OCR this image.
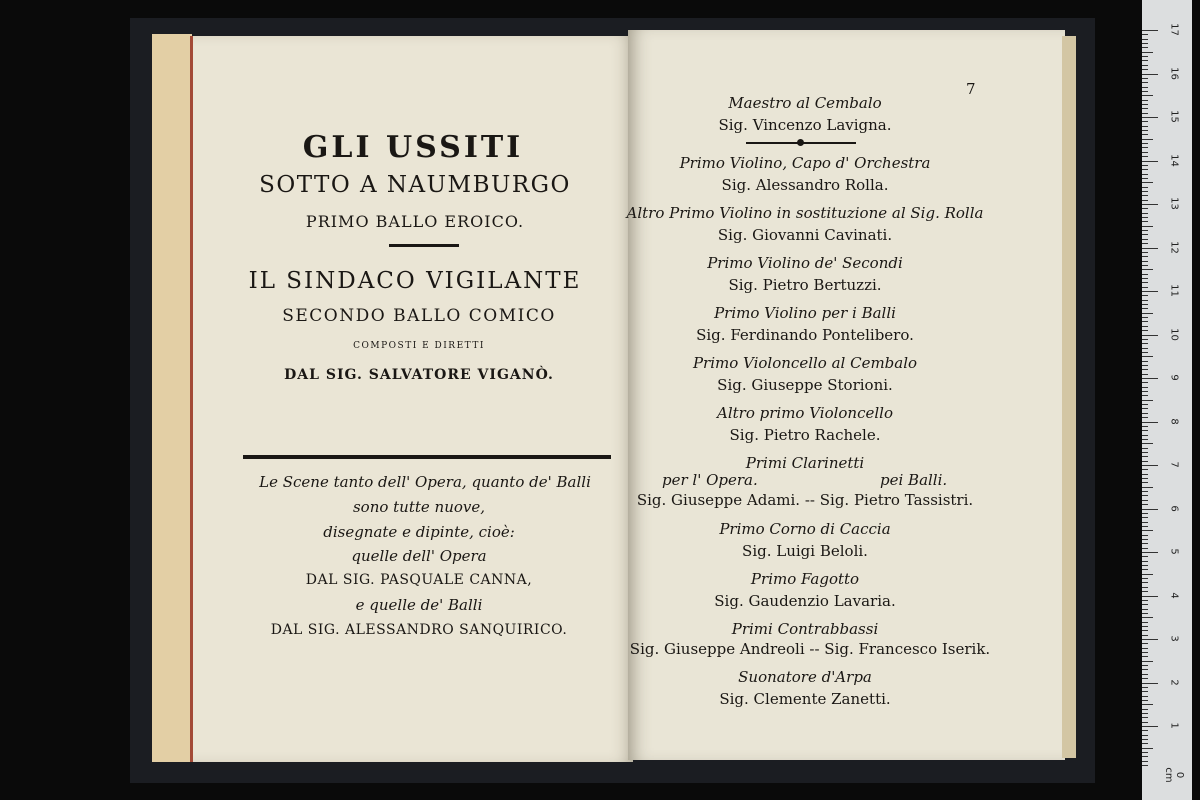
GLI USSITI
SOTTO A NAUMBURGO
PRIMO BALLO EROICO.
IL SINDACO VIGILANTE
SECONDO BALLO COMICO
COMPOSTI E DIRETTI
DAL SIG. SALVATORE VIGANÒ.
Le Scene tanto dell' Opera, quanto de' Balli
sono tutte nuove,
disegnate e dipinte, cioè:
quelle dell' Opera
DAL SIG. PASQUALE CANNA,
e quelle de' Balli
DAL SIG. ALESSANDRO SANQUIRICO.
7
Maestro al Cembalo
Sig. Vincenzo Lavigna.
Primo Violino, Capo d' Orchestra
Sig. Alessandro Rolla.
Altro Primo Violino in sostituzione al Sig. Rolla
Sig. Giovanni Cavinati.
Primo Violino de' Secondi
Sig. Pietro Bertuzzi.
Primo Violino per i Balli
Sig. Ferdinando Pontelibero.
Primo Violoncello al Cembalo
Sig. Giuseppe Storioni.
Altro primo Violoncello
Sig. Pietro Rachele.
Primi Clarinetti
per l' Opera.	pei Balli.
Sig. Giuseppe Adami. -- Sig. Pietro Tassistri.
Primo Corno di Caccia
Sig. Luigi Beloli.
Primo Fagotto
Sig. Gaudenzio Lavaria.
Primi Contrabbassi
Sig. Giuseppe Andreoli -- Sig. Francesco Iserik.
Suonatore d'Arpa
Sig. Clemente Zanetti.
17
16
15
14
13
12
11
10
9
8
7
6
5
4
3
2
1
0 cm
